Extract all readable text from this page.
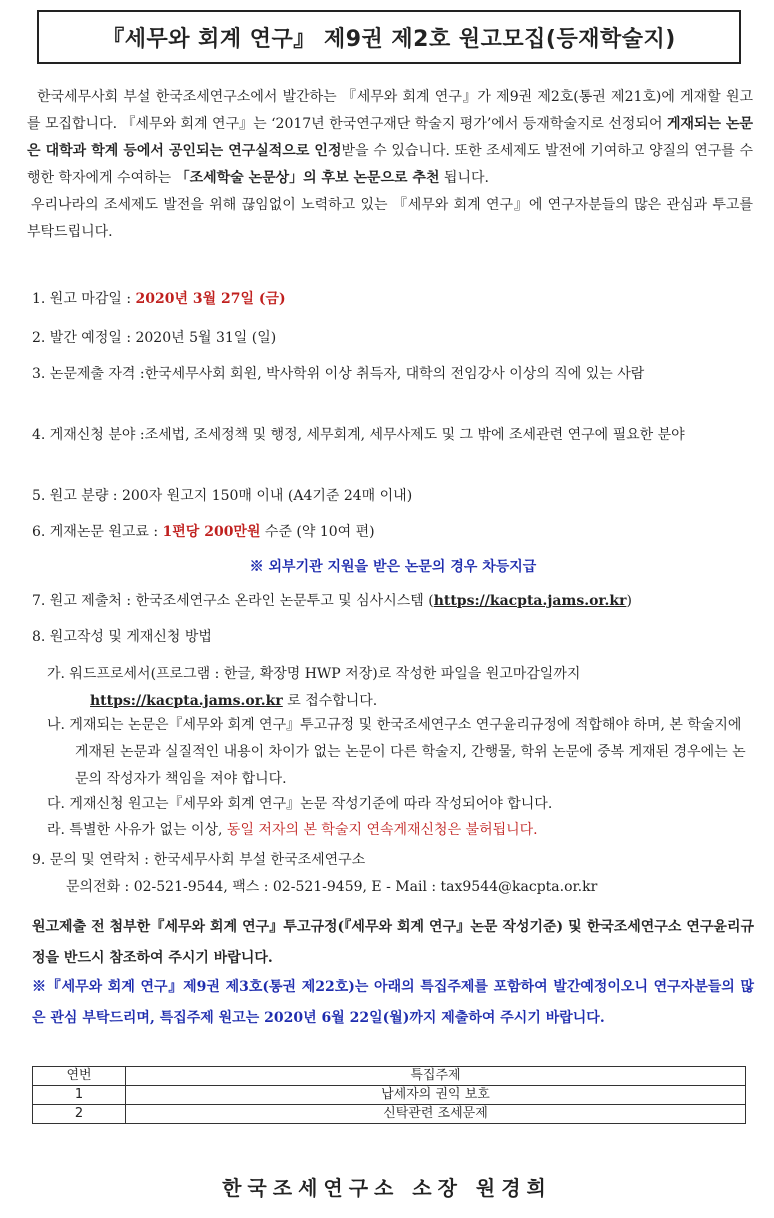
『세무와 회계 연구』 제9권 제2호 원고모집(등재학술지)
한국세무사회 부설 한국조세연구소에서 발간하는 『세무와 회계 연구』가 제9권 제2호(통권 제21호)에 게재할 원고를 모집합니다. 『세무와 회계 연구』는 ‘2017년 한국연구재단 학술지 평가’에서 등재학술지로 선정되어 게재되는 논문은 대학과 학계 등에서 공인되는 연구실적으로 인정받을 수 있습니다. 또한 조세제도 발전에 기여하고 양질의 연구를 수행한 학자에게 수여하는 「조세학술 논문상」의 후보 논문으로 추천 됩니다.
우리나라의 조세제도 발전을 위해 끊임없이 노력하고 있는 『세무와 회계 연구』에 연구자분들의 많은 관심과 투고를 부탁드립니다.
1. 원고 마감일 : 2020년 3월 27일 (금)
2. 발간 예정일 : 2020년 5월 31일 (일)
3. 논문제출 자격 : 한국세무사회 회원, 박사학위 이상 취득자, 대학의 전임강사 이상의 직에 있는 사람
4. 게재신청 분야 : 조세법, 조세정책 및 행정, 세무회계, 세무사제도 및 그 밖에 조세관련 연구에 필요한 분야
5. 원고 분량 : 200자 원고지 150매 이내 (A4기준 24매 이내)
6. 게재논문 원고료 : 1편당 200만원 수준 (약 10여 편)
※ 외부기관 지원을 받은 논문의 경우 차등지급
7. 원고 제출처 : 한국조세연구소 온라인 논문투고 및 심사시스템 (https://kacpta.jams.or.kr)
8. 원고작성 및 게재신청 방법
가. 워드프로세서(프로그램 : 한글, 확장명 HWP 저장)로 작성한 파일을 원고마감일까지
https://kacpta.jams.or.kr 로 접수합니다.
나. 게재되는 논문은『세무와 회계 연구』투고규정 및 한국조세연구소 연구윤리규정에 적합해야 하며, 본 학술지에 게재된 논문과 실질적인 내용이 차이가 없는 논문이 다른 학술지, 간행물, 학위 논문에 중복 게재된 경우에는 논문의 작성자가 책임을 져야 합니다.
다. 게재신청 원고는『세무와 회계 연구』논문 작성기준에 따라 작성되어야 합니다.
라. 특별한 사유가 없는 이상, 동일 저자의 본 학술지 연속게재신청은 불허됩니다.
9. 문의 및 연락처 : 한국세무사회 부설 한국조세연구소
문의전화 : 02-521-9544, 팩스 : 02-521-9459, E - Mail : tax9544@kacpta.or.kr
원고제출 전 첨부한『세무와 회계 연구』투고규정(『세무와 회계 연구』논문 작성기준) 및 한국조세연구소 연구윤리규정을 반드시 참조하여 주시기 바랍니다.
※『세무와 회계 연구』제9권 제3호(통권 제22호)는 아래의 특집주제를 포함하여 발간예정이오니 연구자분들의 많은 관심 부탁드리며, 특집주제 원고는 2020년 6월 22일(월)까지 제출하여 주시기 바랍니다.
연번	특집주제
1	납세자의 권익 보호
2	신탁관련 조세문제
한국조세연구소 소장 원경희
